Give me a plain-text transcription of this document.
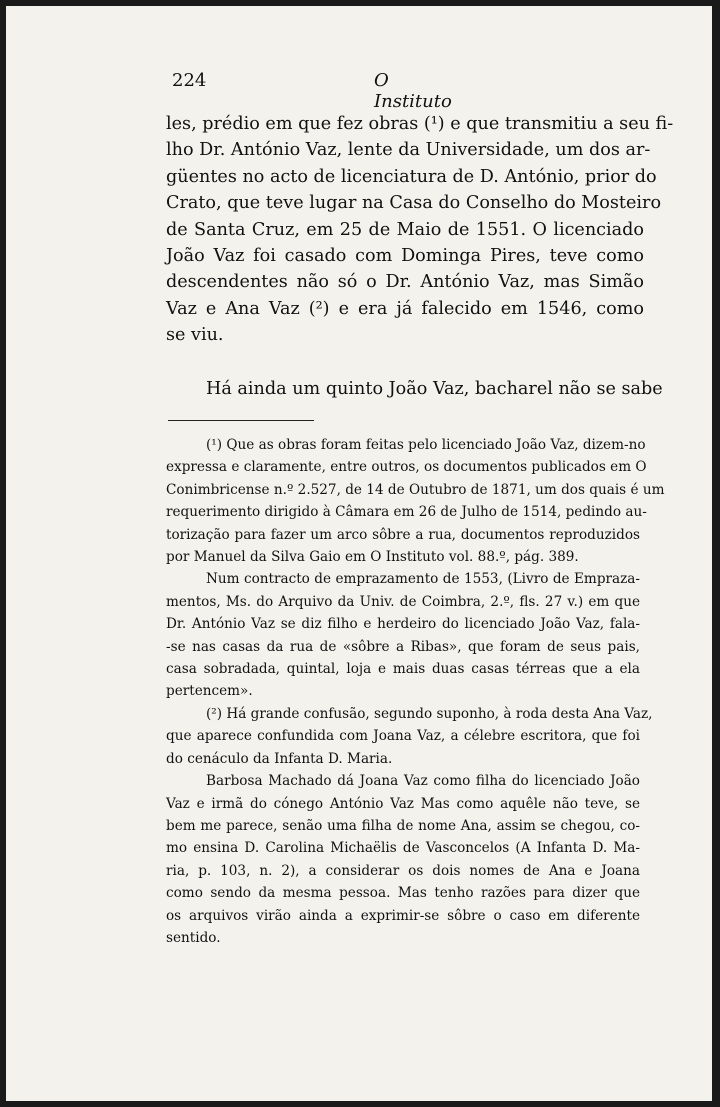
224	O Instituto
les, prédio em que fez obras (¹) e que transmitiu a seu fi-
lho Dr. António Vaz, lente da Universidade, um dos ar-
güentes no acto de licenciatura de D. António, prior do
Crato, que teve lugar na Casa do Conselho do Mosteiro
de Santa Cruz, em 25 de Maio de 1551. O licenciado
João Vaz foi casado com Dominga Pires, teve como
descendentes não só o Dr. António Vaz, mas Simão
Vaz e Ana Vaz (²) e era já falecido em 1546, como
se viu.
Há ainda um quinto João Vaz, bacharel não se sabe
(¹) Que as obras foram feitas pelo licenciado João Vaz, dizem-no
expressa e claramente, entre outros, os documentos publicados em O
Conimbricense n.º 2.527, de 14 de Outubro de 1871, um dos quais é um
requerimento dirigido à Câmara em 26 de Julho de 1514, pedindo au-
torização para fazer um arco sôbre a rua, documentos reproduzidos
por Manuel da Silva Gaio em O Instituto vol. 88.º, pág. 389.
Num contracto de emprazamento de 1553, (Livro de Empraza-
mentos, Ms. do Arquivo da Univ. de Coimbra, 2.º, fls. 27 v.) em que
Dr. António Vaz se diz filho e herdeiro do licenciado João Vaz, fala-
-se nas casas da rua de «sôbre a Ribas», que foram de seus pais,
casa sobradada, quintal, loja e mais duas casas térreas que a ela
pertencem».
(²) Há grande confusão, segundo suponho, à roda desta Ana Vaz,
que aparece confundida com Joana Vaz, a célebre escritora, que foi
do cenáculo da Infanta D. Maria.
Barbosa Machado dá Joana Vaz como filha do licenciado João
Vaz e irmã do cónego António Vaz Mas como aquêle não teve, se
bem me parece, senão uma filha de nome Ana, assim se chegou, co-
mo ensina D. Carolina Michaëlis de Vasconcelos (A Infanta D. Ma-
ria, p. 103, n. 2), a considerar os dois nomes de Ana e Joana
como sendo da mesma pessoa. Mas tenho razões para dizer que
os arquivos virão ainda a exprimir-se sôbre o caso em diferente
sentido.
